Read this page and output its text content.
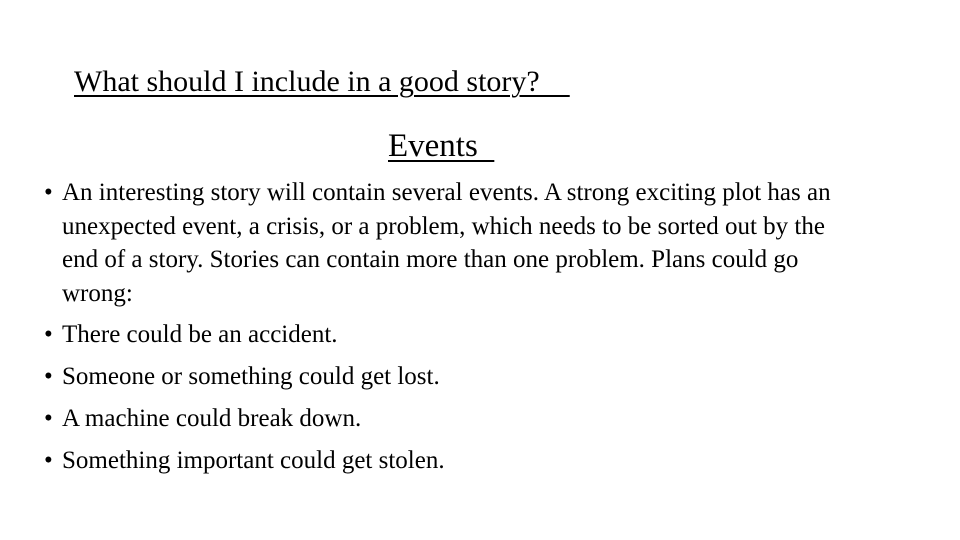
What should I include in a good story?
Events
• An interesting story will contain several events. A strong exciting plot has an unexpected event, a crisis, or a problem, which needs to be sorted out by the end of a story. Stories can contain more than one problem. Plans could go wrong:
• There could be an accident.
• Someone or something could get lost.
• A machine could break down.
• Something important could get stolen.
